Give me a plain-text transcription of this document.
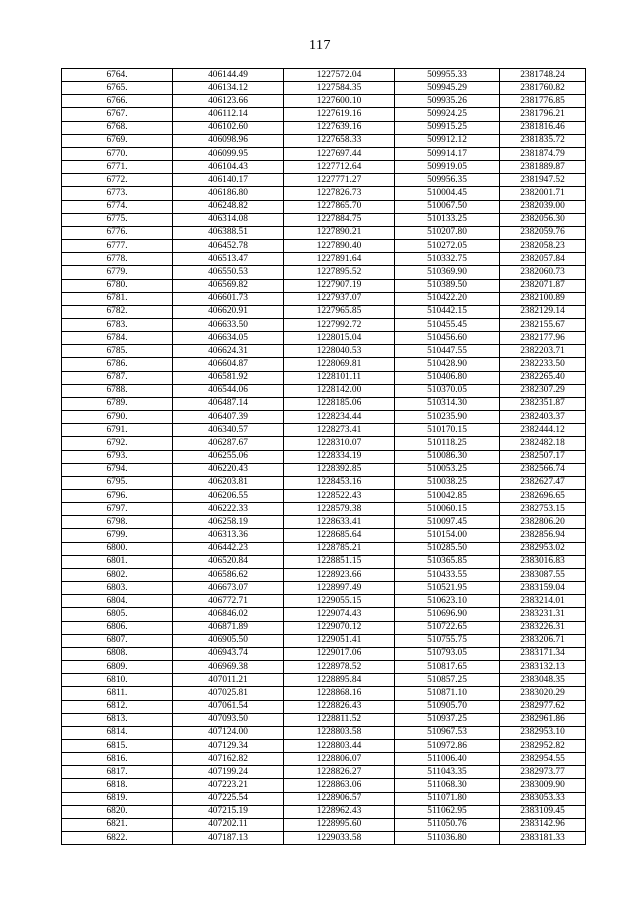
117
6764.	406144.49	1227572.04	509955.33	2381748.24
6765.	406134.12	1227584.35	509945.29	2381760.82
6766.	406123.66	1227600.10	509935.26	2381776.85
6767.	406112.14	1227619.16	509924.25	2381796.21
6768.	406102.60	1227639.16	509915.25	2381816.46
6769.	406098.96	1227658.33	509912.12	2381835.72
6770.	406099.95	1227697.44	509914.17	2381874.79
6771.	406104.43	1227712.64	509919.05	2381889.87
6772.	406140.17	1227771.27	509956.35	2381947.52
6773.	406186.80	1227826.73	510004.45	2382001.71
6774.	406248.82	1227865.70	510067.50	2382039.00
6775.	406314.08	1227884.75	510133.25	2382056.30
6776.	406388.51	1227890.21	510207.80	2382059.76
6777.	406452.78	1227890.40	510272.05	2382058.23
6778.	406513.47	1227891.64	510332.75	2382057.84
6779.	406550.53	1227895.52	510369.90	2382060.73
6780.	406569.82	1227907.19	510389.50	2382071.87
6781.	406601.73	1227937.07	510422.20	2382100.89
6782.	406620.91	1227965.85	510442.15	2382129.14
6783.	406633.50	1227992.72	510455.45	2382155.67
6784.	406634.05	1228015.04	510456.60	2382177.96
6785.	406624.31	1228040.53	510447.55	2382203.71
6786.	406604.87	1228069.81	510428.90	2382233.50
6787.	406581.92	1228101.11	510406.80	2382265.40
6788.	406544.06	1228142.00	510370.05	2382307.29
6789.	406487.14	1228185.06	510314.30	2382351.87
6790.	406407.39	1228234.44	510235.90	2382403.37
6791.	406340.57	1228273.41	510170.15	2382444.12
6792.	406287.67	1228310.07	510118.25	2382482.18
6793.	406255.06	1228334.19	510086.30	2382507.17
6794.	406220.43	1228392.85	510053.25	2382566.74
6795.	406203.81	1228453.16	510038.25	2382627.47
6796.	406206.55	1228522.43	510042.85	2382696.65
6797.	406222.33	1228579.38	510060.15	2382753.15
6798.	406258.19	1228633.41	510097.45	2382806.20
6799.	406313.36	1228685.64	510154.00	2382856.94
6800.	406442.23	1228785.21	510285.50	2382953.02
6801.	406520.84	1228851.15	510365.85	2383016.83
6802.	406586.62	1228923.66	510433.55	2383087.55
6803.	406673.07	1228997.49	510521.95	2383159.04
6804.	406772.71	1229055.15	510623.10	2383214.01
6805.	406846.02	1229074.43	510696.90	2383231.31
6806.	406871.89	1229070.12	510722.65	2383226.31
6807.	406905.50	1229051.41	510755.75	2383206.71
6808.	406943.74	1229017.06	510793.05	2383171.34
6809.	406969.38	1228978.52	510817.65	2383132.13
6810.	407011.21	1228895.84	510857.25	2383048.35
6811.	407025.81	1228868.16	510871.10	2383020.29
6812.	407061.54	1228826.43	510905.70	2382977.62
6813.	407093.50	1228811.52	510937.25	2382961.86
6814.	407124.00	1228803.58	510967.53	2382953.10
6815.	407129.34	1228803.44	510972.86	2382952.82
6816.	407162.82	1228806.07	511006.40	2382954.55
6817.	407199.24	1228826.27	511043.35	2382973.77
6818.	407223.21	1228863.06	511068.30	2383009.90
6819.	407225.54	1228906.57	511071.80	2383053.33
6820.	407215.19	1228962.43	511062.95	2383109.45
6821.	407202.11	1228995.60	511050.76	2383142.96
6822.	407187.13	1229033.58	511036.80	2383181.33
